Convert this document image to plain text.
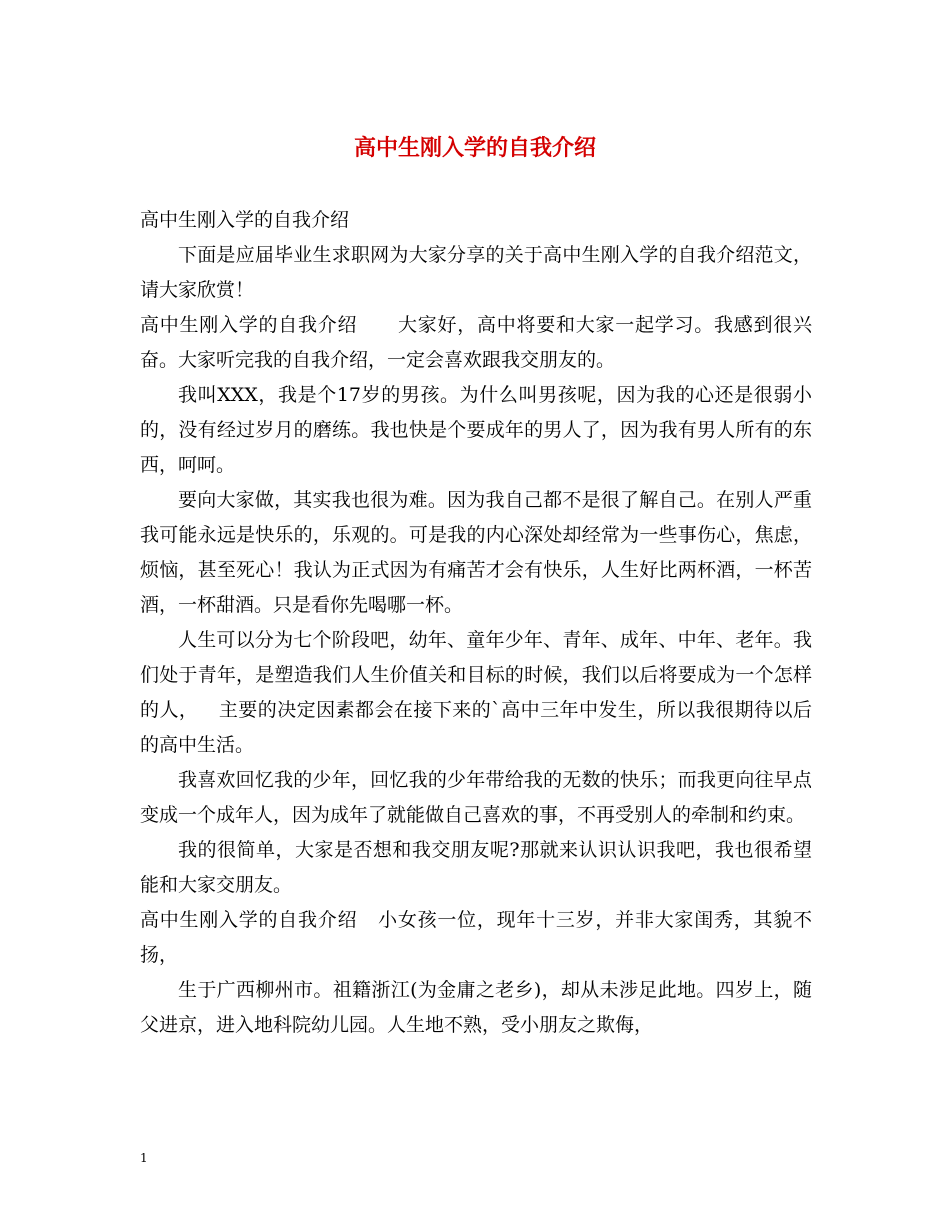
高中生刚入学的自我介绍

高中生刚入学的自我介绍

下面是应届毕业生求职网为大家分享的关于高中生刚入学的自我介绍范文，请大家欣赏！

高中生刚入学的自我介绍 大家好，高中将要和大家一起学习。我感到很兴奋。大家听完我的自我介绍，一定会喜欢跟我交朋友的。

我叫XXX，我是个17岁的男孩。为什么叫男孩呢，因为我的心还是很弱小的，没有经过岁月的磨练。我也快是个要成年的男人了，因为我有男人所有的东西，呵呵。

要向大家做，其实我也很为难。因为我自己都不是很了解自己。在别人严重我可能永远是快乐的，乐观的。可是我的内心深处却经常为一些事伤心，焦虑，烦恼，甚至死心！我认为正式因为有痛苦才会有快乐，人生好比两杯酒，一杯苦酒，一杯甜酒。只是看你先喝哪一杯。

人生可以分为七个阶段吧，幼年、童年少年、青年、成年、中年、老年。我们处于青年，是塑造我们人生价值关和目标的时候，我们以后将要成为一个怎样的人， 主要的决定因素都会在接下来的`高中三年中发生，所以我很期待以后的高中生活。

我喜欢回忆我的少年，回忆我的少年带给我的无数的快乐；而我更向往早点变成一个成年人，因为成年了就能做自己喜欢的事，不再受别人的牵制和约束。

我的很简单，大家是否想和我交朋友呢?那就来认识认识我吧，我也很希望能和大家交朋友。

高中生刚入学的自我介绍 小女孩一位，现年十三岁，并非大家闺秀，其貌不扬，

生于广西柳州市。祖籍浙江(为金庸之老乡)，却从未涉足此地。四岁上，随父进京，进入地科院幼儿园。人生地不熟，受小朋友之欺侮，

1
